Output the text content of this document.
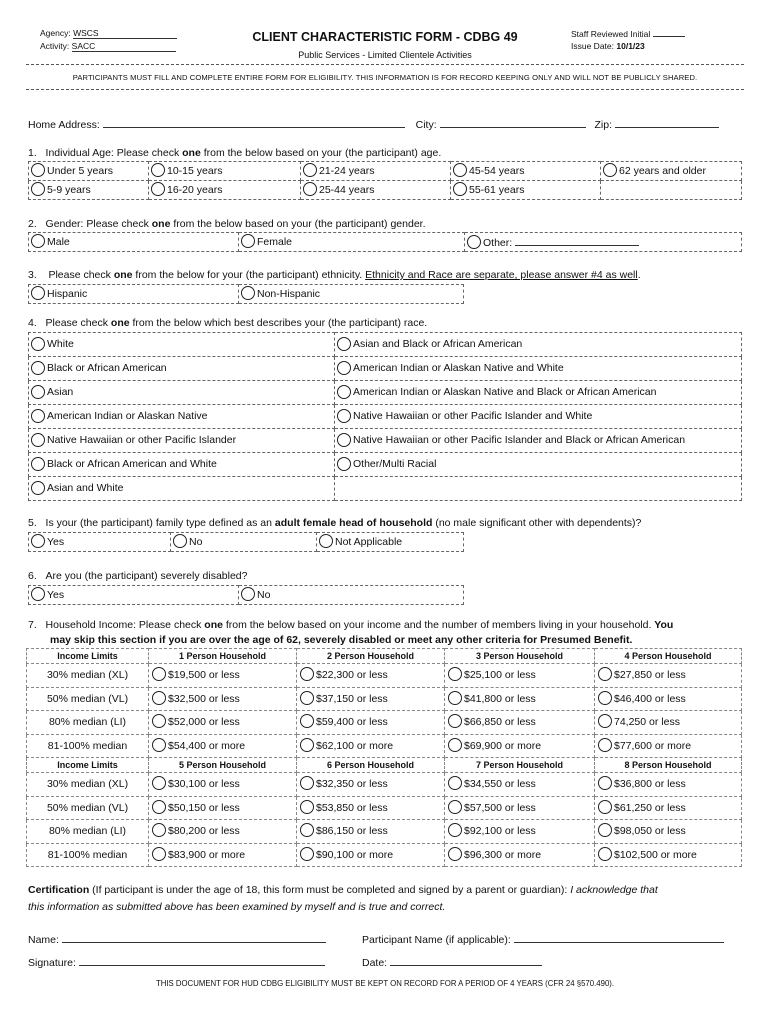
Agency: WSCS
Activity: SACC
CLIENT CHARACTERISTIC FORM - CDBG 49
Public Services - Limited Clientele Activities
Staff Reviewed Initial
Issue Date: 10/1/23
PARTICIPANTS MUST FILL AND COMPLETE ENTIRE FORM FOR ELIGIBILITY. THIS INFORMATION IS FOR RECORD KEEPING ONLY AND WILL NOT BE PUBLICLY SHARED.
Home Address:	City:	Zip:
1. Individual Age: Please check one from the below based on your (the participant) age.
Under 5 years	10-15 years	21-24 years	45-54 years	62 years and older
5-9 years	16-20 years	25-44 years	55-61 years	
2. Gender: Please check one from the below based on your (the participant) gender.
Male	Female	Other:
3. Please check one from the below for your (the participant) ethnicity. Ethnicity and Race are separate, please answer #4 as well.
Hispanic	Non-Hispanic
4. Please check one from the below which best describes your (the participant) race.
White	Asian and Black or African American
Black or African American	American Indian or Alaskan Native and White
Asian	American Indian or Alaskan Native and Black or African American
American Indian or Alaskan Native	Native Hawaiian or other Pacific Islander and White
Native Hawaiian or other Pacific Islander	Native Hawaiian or other Pacific Islander and Black or African American
Black or African American and White	Other/Multi Racial
Asian and White	
5. Is your (the participant) family type defined as an adult female head of household (no male significant other with dependents)?
Yes	No	Not Applicable
6. Are you (the participant) severely disabled?
Yes	No
7. Household Income: Please check one from the below based on your income and the number of members living in your household. You
may skip this section if you are over the age of 62, severely disabled or meet any other criteria for Presumed Benefit.
Income Limits	1 Person Household	2 Person Household	3 Person Household	4 Person Household
30% median (XL)	$19,500 or less	$22,300 or less	$25,100 or less	$27,850 or less
50% median (VL)	$32,500 or less	$37,150 or less	$41,800 or less	$46,400 or less
80% median (LI)	$52,000 or less	$59,400 or less	$66,850 or less	74,250 or less
81-100% median	$54,400 or more	$62,100 or more	$69,900 or more	$77,600 or more
Income Limits	5 Person Household	6 Person Household	7 Person Household	8 Person Household
30% median (XL)	$30,100 or less	$32,350 or less	$34,550 or less	$36,800 or less
50% median (VL)	$50,150 or less	$53,850 or less	$57,500 or less	$61,250 or less
80% median (LI)	$80,200 or less	$86,150 or less	$92,100 or less	$98,050 or less
81-100% median	$83,900 or more	$90,100 or more	$96,300 or more	$102,500 or more
Certification (If participant is under the age of 18, this form must be completed and signed by a parent or guardian): I acknowledge that
this information as submitted above has been examined by myself and is true and correct.
Name:	Participant Name (if applicable):
Signature:	Date:
THIS DOCUMENT FOR HUD CDBG ELIGIBILITY MUST BE KEPT ON RECORD FOR A PERIOD OF 4 YEARS (CFR 24 §570.490).
